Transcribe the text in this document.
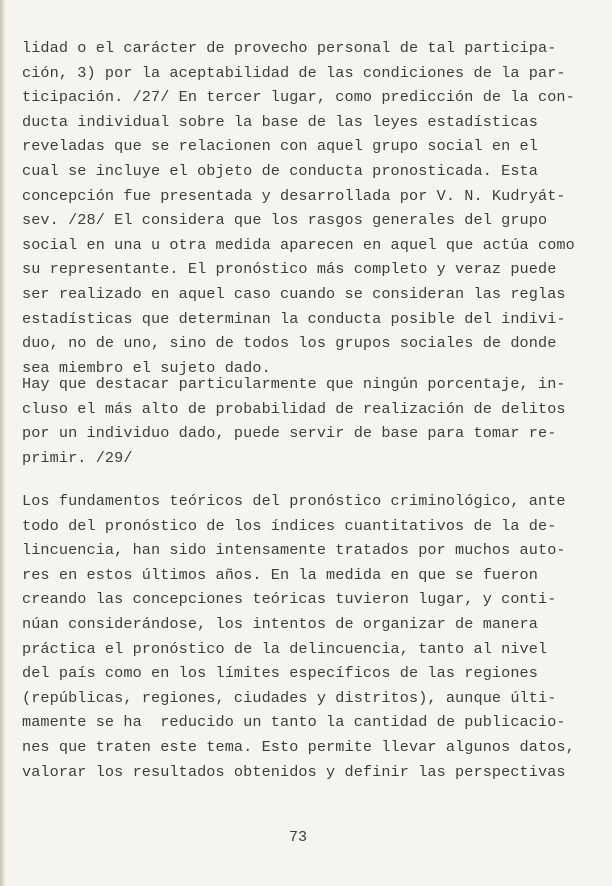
lidad o el carácter de provecho personal de tal participa-
ción, 3) por la aceptabilidad de las condiciones de la par-
ticipación. /27/ En tercer lugar, como predicción de la con-
ducta individual sobre la base de las leyes estadísticas
reveladas que se relacionen con aquel grupo social en el
cual se incluye el objeto de conducta pronosticada. Esta
concepción fue presentada y desarrollada por V. N. Kudryát-
sev. /28/ El considera que los rasgos generales del grupo
social en una u otra medida aparecen en aquel que actúa como
su representante. El pronóstico más completo y veraz puede
ser realizado en aquel caso cuando se consideran las reglas
estadísticas que determinan la conducta posible del indivi-
duo, no de uno, sino de todos los grupos sociales de donde
sea miembro el sujeto dado.
Hay que destacar particularmente que ningún porcentaje, in-
cluso el más alto de probabilidad de realización de delitos
por un individuo dado, puede servir de base para tomar re-
primir. /29/
Los fundamentos teóricos del pronóstico criminológico, ante
todo del pronóstico de los índices cuantitativos de la de-
lincuencia, han sido intensamente tratados por muchos auto-
res en estos últimos años. En la medida en que se fueron
creando las concepciones teóricas tuvieron lugar, y conti-
núan considerándose, los intentos de organizar de manera
práctica el pronóstico de la delincuencia, tanto al nivel
del país como en los límites específicos de las regiones
(repúblicas, regiones, ciudades y distritos), aunque últi-
mamente se ha  reducido un tanto la cantidad de publicacio-
nes que traten este tema. Esto permite llevar algunos datos,
valorar los resultados obtenidos y definir las perspectivas
73
